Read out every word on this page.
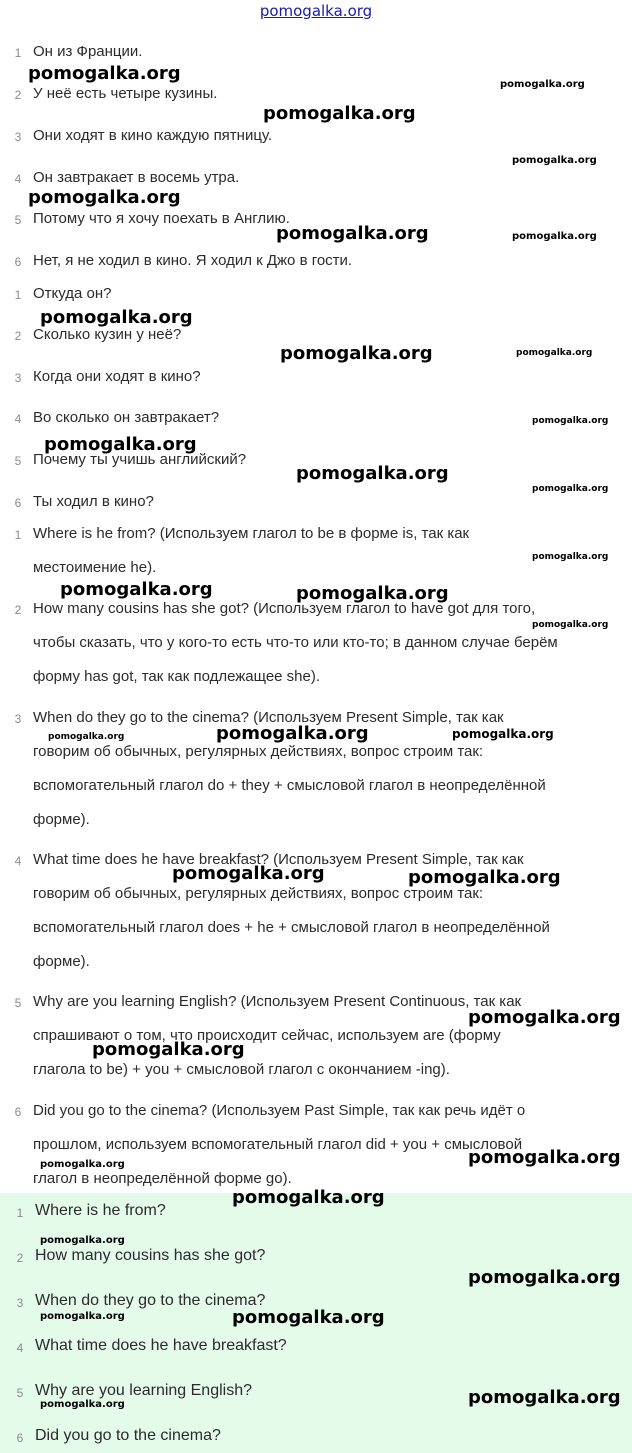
pomogalka.org
1 Он из Франции.
2 У неё есть четыре кузины.
3 Они ходят в кино каждую пятницу.
4 Он завтракает в восемь утра.
5 Потому что я хочу поехать в Англию.
6 Нет, я не ходил в кино. Я ходил к Джо в гости.
1 Откуда он?
2 Сколько кузин у неё?
3 Когда они ходят в кино?
4 Во сколько он завтракает?
5 Почему ты учишь английский?
6 Ты ходил в кино?
1 Where is he from? (Используем глагол to be в форме is, так как
местоимение he).
2 How many cousins has she got? (Используем глагол to have got для того,
чтобы сказать, что у кого-то есть что-то или кто-то; в данном случае берём
форму has got, так как подлежащее she).
3 When do they go to the cinema? (Используем Present Simple, так как
говорим об обычных, регулярных действиях, вопрос строим так:
вспомогательный глагол do + they + смысловой глагол в неопределённой
форме).
4 What time does he have breakfast? (Используем Present Simple, так как
говорим об обычных, регулярных действиях, вопрос строим так:
вспомогательный глагол does + he + смысловой глагол в неопределённой
форме).
5 Why are you learning English? (Используем Present Continuous, так как
спрашивают о том, что происходит сейчас, используем are (форму
глагола to be) + you + смысловой глагол с окончанием -ing).
6 Did you go to the cinema? (Используем Past Simple, так как речь идёт о
прошлом, используем вспомогательный глагол did + you + смысловой
глагол в неопределённой форме go).
1 Where is he from?
2 How many cousins has she got?
3 When do they go to the cinema?
4 What time does he have breakfast?
5 Why are you learning English?
6 Did you go to the cinema?
pomogalka.org
pomogalka.org
pomogalka.org
pomogalka.org
pomogalka.org
pomogalka.org	pomogalka.org
pomogalka.org
pomogalka.org	pomogalka.org
pomogalka.org
pomogalka.org
pomogalka.org
pomogalka.org
pomogalka.org
pomogalka.org	pomogalka.org
pomogalka.org
pomogalka.org
pomogalka.org	pomogalka.org
pomogalka.org	pomogalka.org
pomogalka.org
pomogalka.org
pomogalka.org
pomogalka.org
pomogalka.org
pomogalka.org
pomogalka.org
pomogalka.org
pomogalka.org
pomogalka.org
pomogalka.org
